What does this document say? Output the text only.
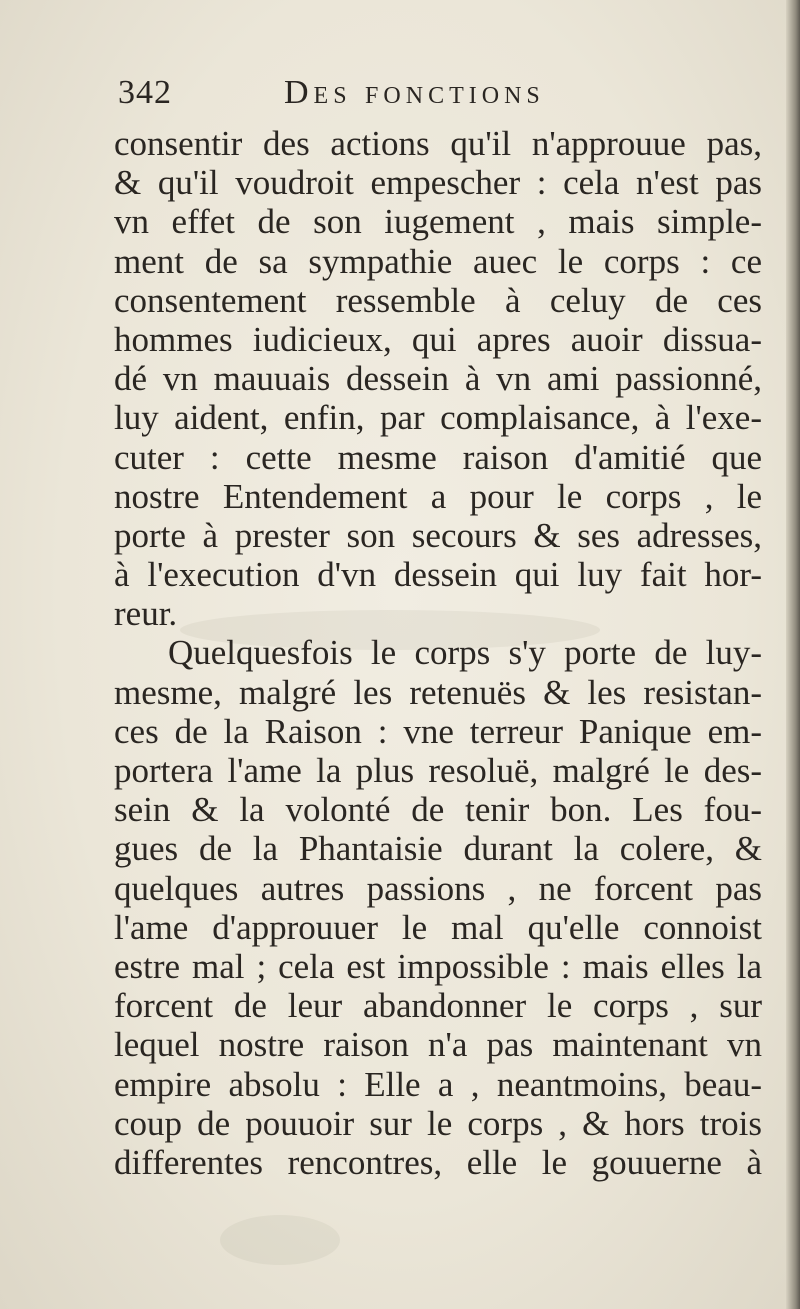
342	Des fonctions
consentir des actions qu'il n'approuue pas,
& qu'il voudroit empescher : cela n'est pas
vn effet de son iugement , mais simple-
ment de sa sympathie auec le corps : ce
consentement ressemble à celuy de ces
hommes iudicieux, qui apres auoir dissua-
dé vn mauuais dessein à vn ami passionné,
luy aident, enfin, par complaisance, à l'exe-
cuter : cette mesme raison d'amitié que
nostre Entendement a pour le corps , le
porte à prester son secours & ses adresses,
à l'execution d'vn dessein qui luy fait hor-
reur.
Quelquesfois le corps s'y porte de luy-
mesme, malgré les retenuës & les resistan-
ces de la Raison : vne terreur Panique em-
portera l'ame la plus resoluë, malgré le des-
sein & la volonté de tenir bon. Les fou-
gues de la Phantaisie durant la colere, &
quelques autres passions , ne forcent pas
l'ame d'approuuer le mal qu'elle connoist
estre mal ; cela est impossible : mais elles la
forcent de leur abandonner le corps , sur
lequel nostre raison n'a pas maintenant vn
empire absolu : Elle a , neantmoins, beau-
coup de pouuoir sur le corps , & hors trois
differentes rencontres, elle le gouuerne à
